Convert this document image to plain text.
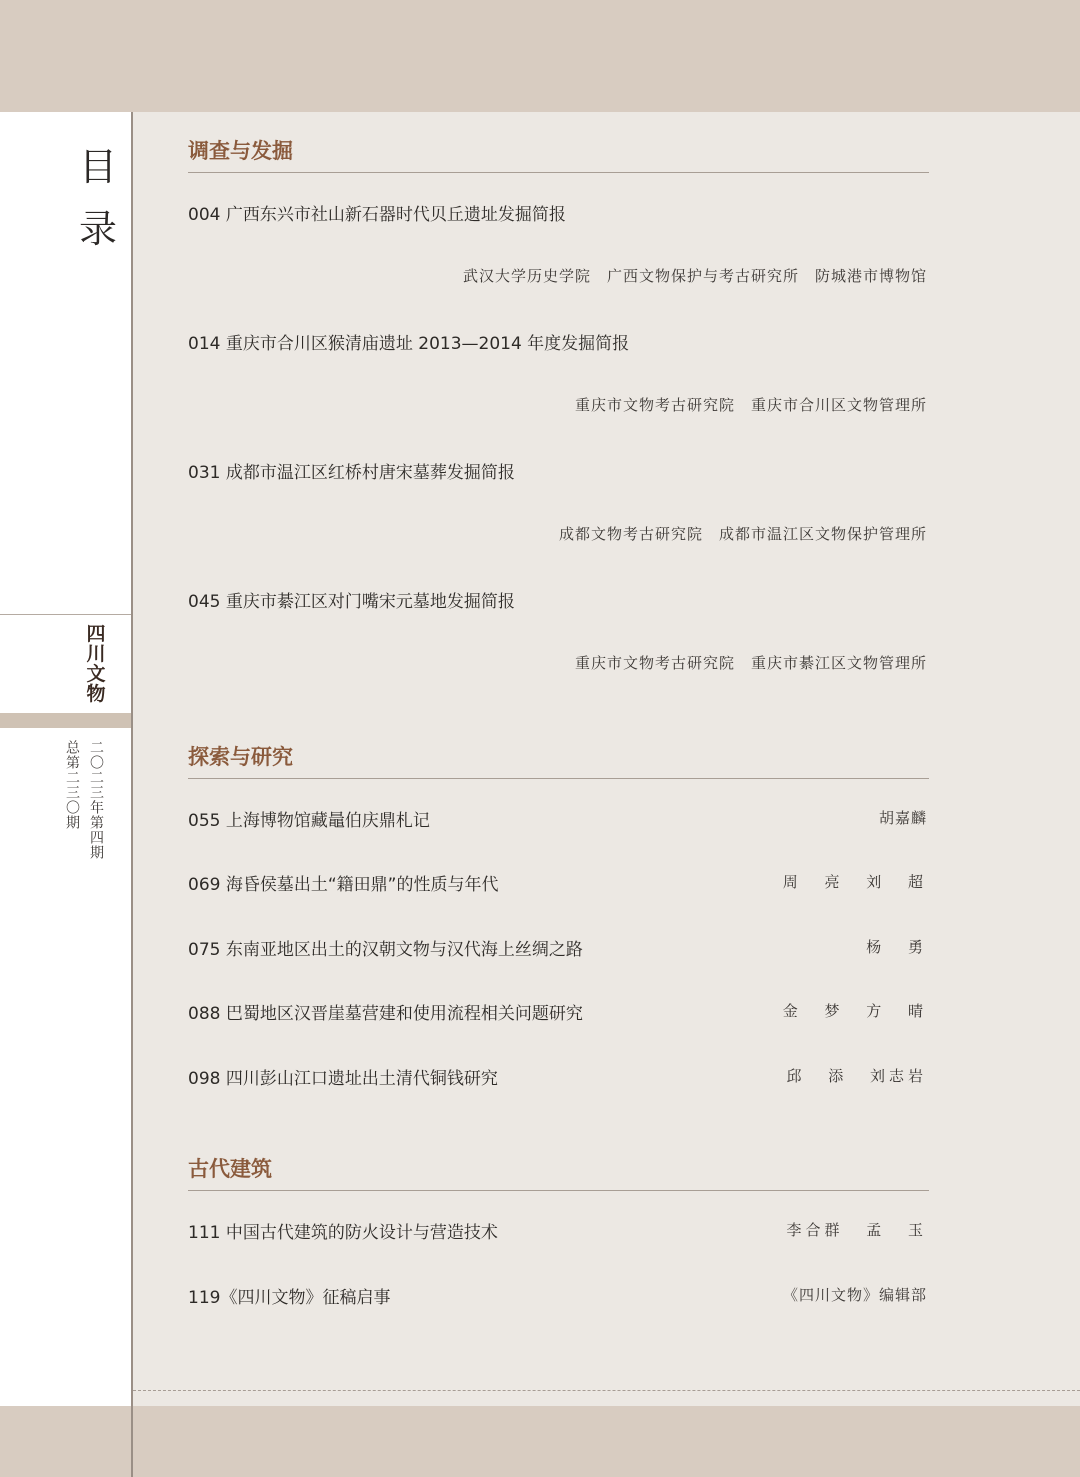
目
录
四
川
文
物
二〇二三年第四期
总第二三〇期
调查与发掘
004 广西东兴市社山新石器时代贝丘遗址发掘简报
武汉大学历史学院　广西文物保护与考古研究所　防城港市博物馆
014 重庆市合川区猴清庙遗址 2013—2014 年度发掘简报
重庆市文物考古研究院　重庆市合川区文物管理所
031 成都市温江区红桥村唐宋墓葬发掘简报
成都文物考古研究院　成都市温江区文物保护管理所
045 重庆市綦江区对门嘴宋元墓地发掘简报
重庆市文物考古研究院　重庆市綦江区文物管理所
探索与研究
055 上海博物馆藏鼂伯庆鼎札记	胡嘉麟
069 海昏侯墓出土“籍田鼎”的性质与年代	周 亮 刘 超
075 东南亚地区出土的汉朝文物与汉代海上丝绸之路	杨 勇
088 巴蜀地区汉晋崖墓营建和使用流程相关问题研究	金 梦 方 晴
098 四川彭山江口遗址出土清代铜钱研究	邱 添 刘志岩
古代建筑
111 中国古代建筑的防火设计与营造技术	李合群 孟 玉
119《四川文物》征稿启事	《四川文物》编辑部
